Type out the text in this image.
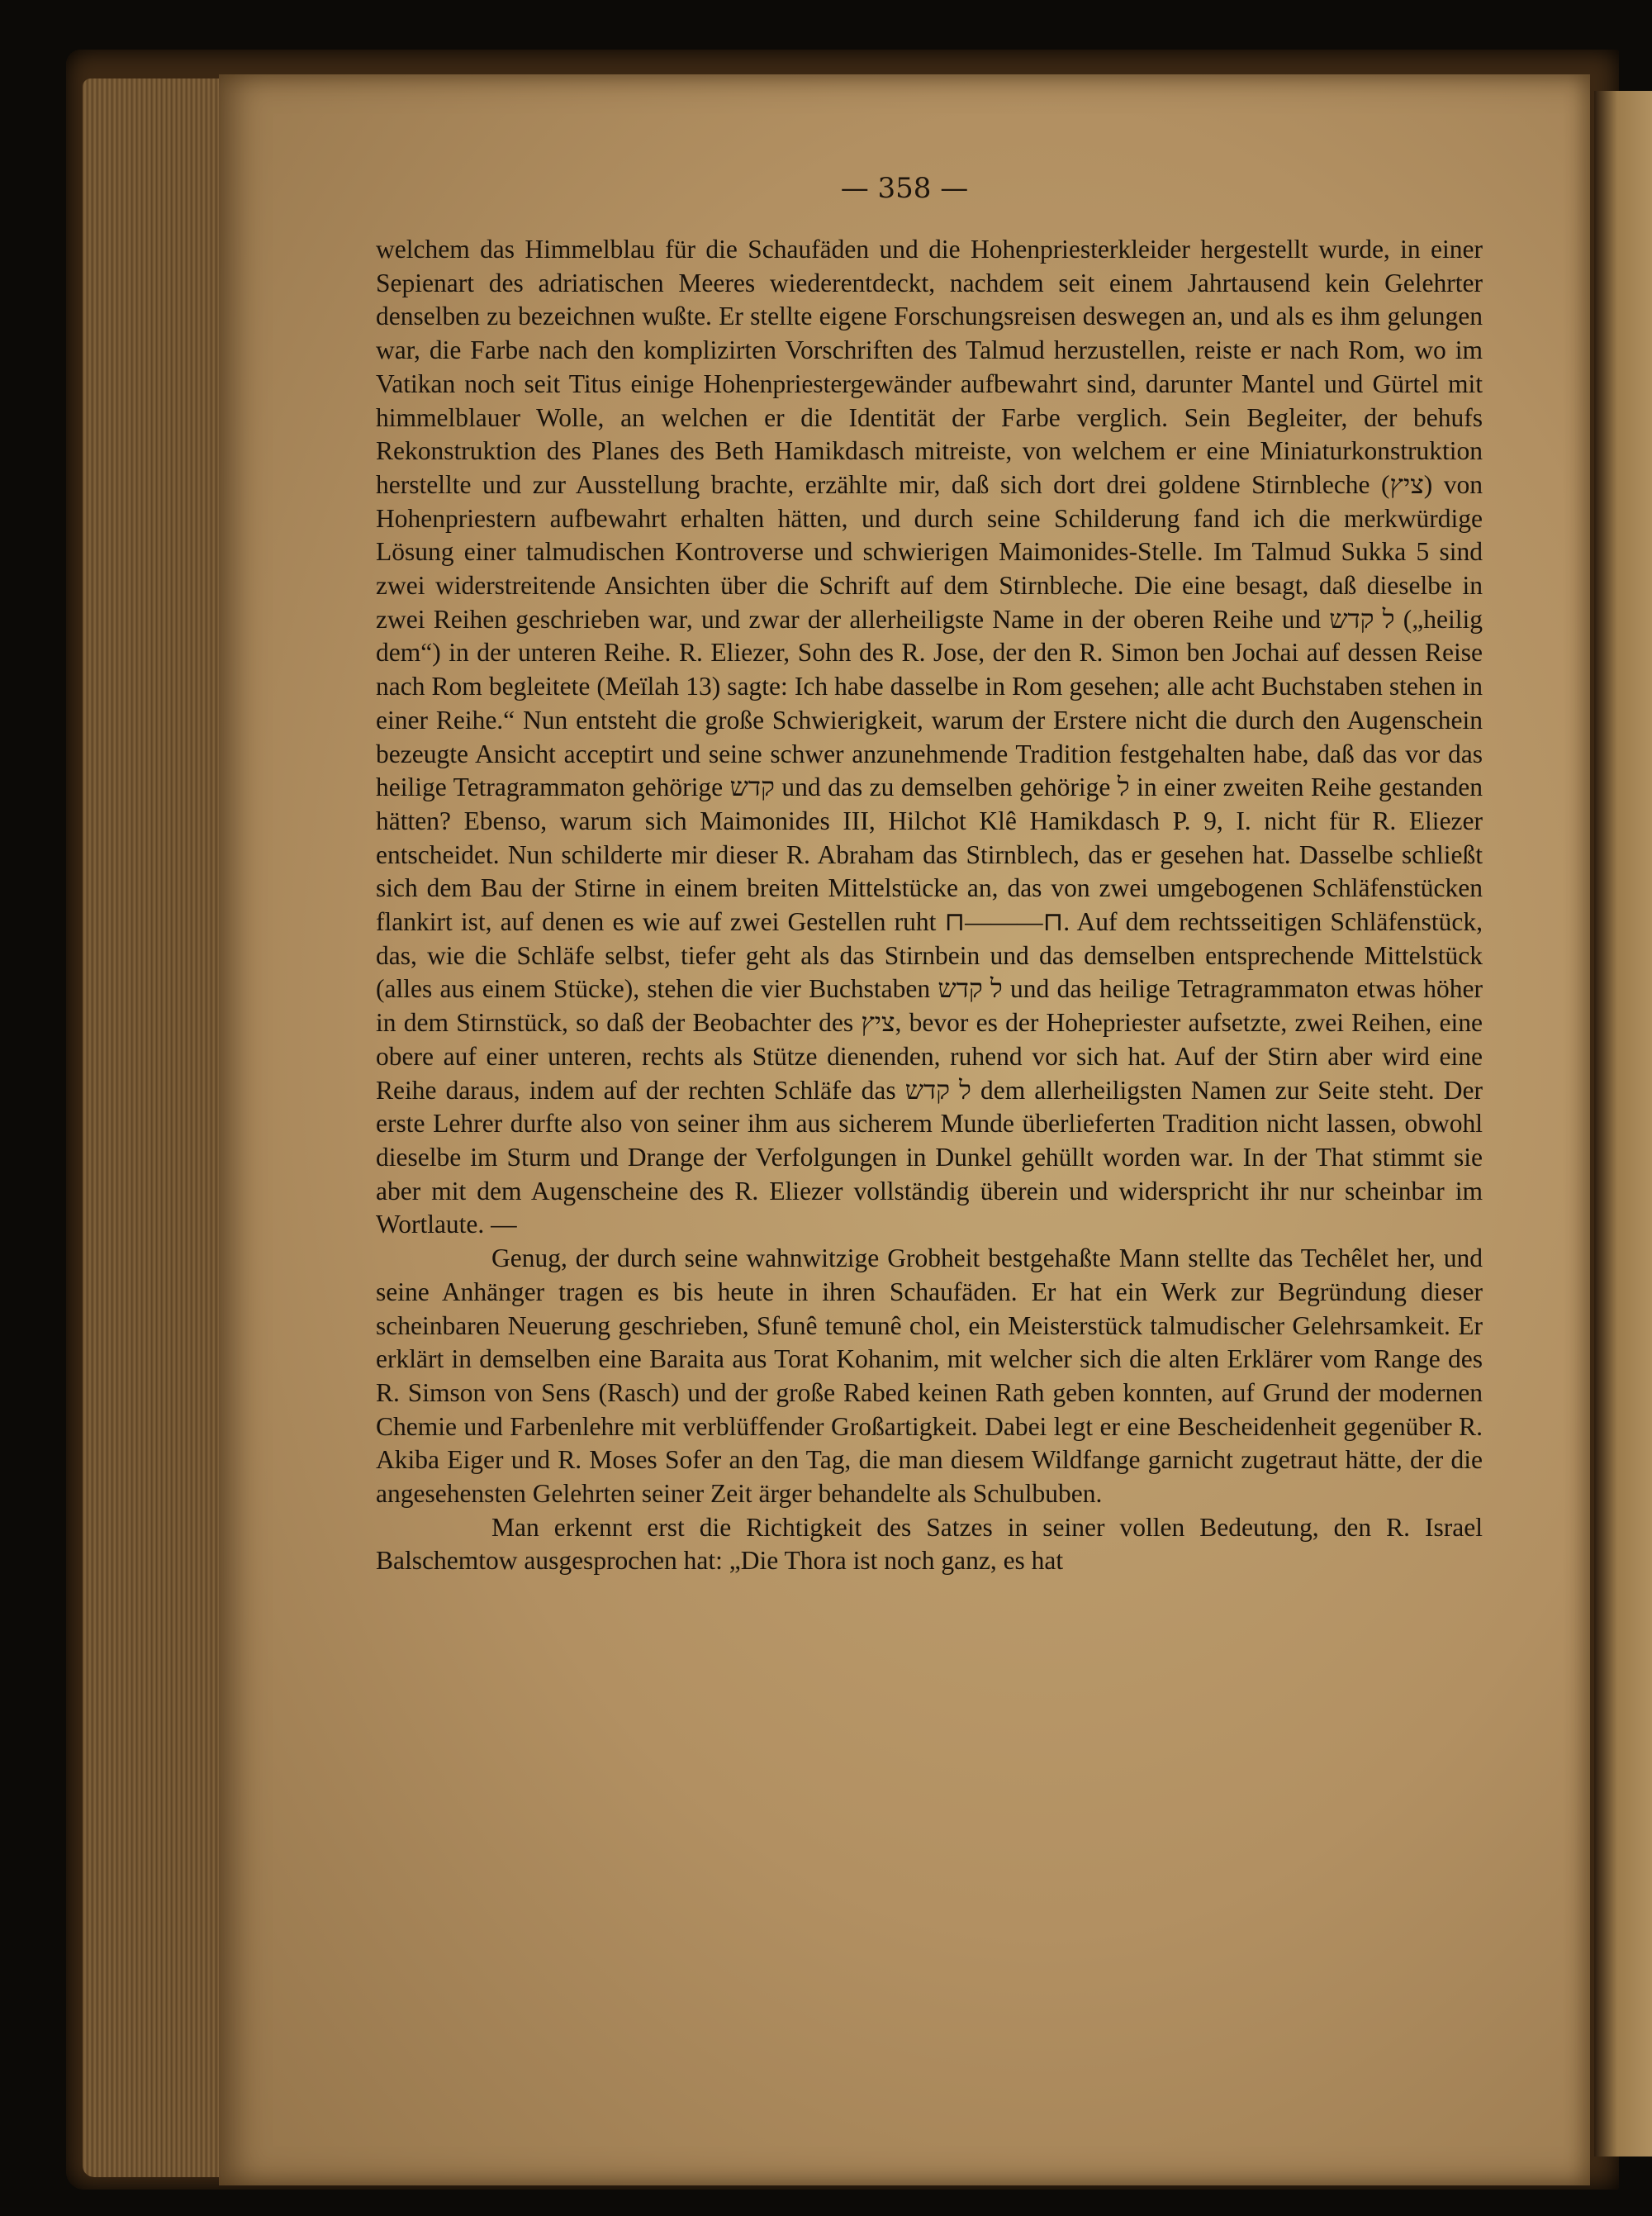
— 358 —

welchem das Himmelblau für die Schaufäden und die Hohenpriesterkleider hergestellt wurde, in einer Sepienart des adriatischen Meeres wiederentdeckt, nachdem seit einem Jahrtausend kein Gelehrter denselben zu bezeichnen wußte. Er stellte eigene Forschungsreisen deswegen an, und als es ihm gelungen war, die Farbe nach den komplizirten Vorschriften des Talmud herzustellen, reiste er nach Rom, wo im Vatikan noch seit Titus einige Hohenpriestergewänder aufbewahrt sind, darunter Mantel und Gürtel mit himmelblauer Wolle, an welchen er die Identität der Farbe verglich. Sein Begleiter, der behufs Rekonstruktion des Planes des Beth Hamikdasch mitreiste, von welchem er eine Miniaturkonstruktion herstellte und zur Ausstellung brachte, erzählte mir, daß sich dort drei goldene Stirnbleche (ציץ) von Hohenpriestern aufbewahrt erhalten hätten, und durch seine Schilderung fand ich die merkwürdige Lösung einer talmudischen Kontroverse und schwierigen Maimonides-Stelle. Im Talmud Sukka 5 sind zwei widerstreitende Ansichten über die Schrift auf dem Stirnbleche. Die eine besagt, daß dieselbe in zwei Reihen geschrieben war, und zwar der allerheiligste Name in der oberen Reihe und ל קדש („heilig dem“) in der unteren Reihe. R. Eliezer, Sohn des R. Jose, der den R. Simon ben Jochai auf dessen Reise nach Rom begleitete (Meïlah 13) sagte: Ich habe dasselbe in Rom gesehen; alle acht Buchstaben stehen in einer Reihe.“ Nun entsteht die große Schwierigkeit, warum der Erstere nicht die durch den Augenschein bezeugte Ansicht acceptirt und seine schwer anzunehmende Tradition festgehalten habe, daß das vor das heilige Tetragrammaton gehörige קדש und das zu demselben gehörige ל in einer zweiten Reihe gestanden hätten? Ebenso, warum sich Maimonides III, Hilchot Klê Hamikdasch P. 9, I. nicht für R. Eliezer entscheidet. Nun schilderte mir dieser R. Abraham das Stirnblech, das er gesehen hat. Dasselbe schließt sich dem Bau der Stirne in einem breiten Mittelstücke an, das von zwei umgebogenen Schläfenstücken flankirt ist, auf denen es wie auf zwei Gestellen ruht ⊓———⊓. Auf dem rechtsseitigen Schläfenstück, das, wie die Schläfe selbst, tiefer geht als das Stirnbein und das demselben entsprechende Mittelstück (alles aus einem Stücke), stehen die vier Buchstaben ל קדש und das heilige Tetragrammaton etwas höher in dem Stirnstück, so daß der Beobachter des ציץ, bevor es der Hohepriester aufsetzte, zwei Reihen, eine obere auf einer unteren, rechts als Stütze dienenden, ruhend vor sich hat. Auf der Stirn aber wird eine Reihe daraus, indem auf der rechten Schläfe das ל קדש dem allerheiligsten Namen zur Seite steht. Der erste Lehrer durfte also von seiner ihm aus sicherem Munde überlieferten Tradition nicht lassen, obwohl dieselbe im Sturm und Drange der Verfolgungen in Dunkel gehüllt worden war. In der That stimmt sie aber mit dem Augenscheine des R. Eliezer vollständig überein und widerspricht ihr nur scheinbar im Wortlaute. —

Genug, der durch seine wahnwitzige Grobheit bestgehaßte Mann stellte das Techêlet her, und seine Anhänger tragen es bis heute in ihren Schaufäden. Er hat ein Werk zur Begründung dieser scheinbaren Neuerung geschrieben, Sfunê temunê chol, ein Meisterstück talmudischer Gelehrsamkeit. Er erklärt in demselben eine Baraita aus Torat Kohanim, mit welcher sich die alten Erklärer vom Range des R. Simson von Sens (Rasch) und der große Rabed keinen Rath geben konnten, auf Grund der modernen Chemie und Farbenlehre mit verblüffender Großartigkeit. Dabei legt er eine Bescheidenheit gegenüber R. Akiba Eiger und R. Moses Sofer an den Tag, die man diesem Wildfange garnicht zugetraut hätte, der die angesehensten Gelehrten seiner Zeit ärger behandelte als Schulbuben.

Man erkennt erst die Richtigkeit des Satzes in seiner vollen Bedeutung, den R. Israel Balschemtow ausgesprochen hat: „Die Thora ist noch ganz, es hat
